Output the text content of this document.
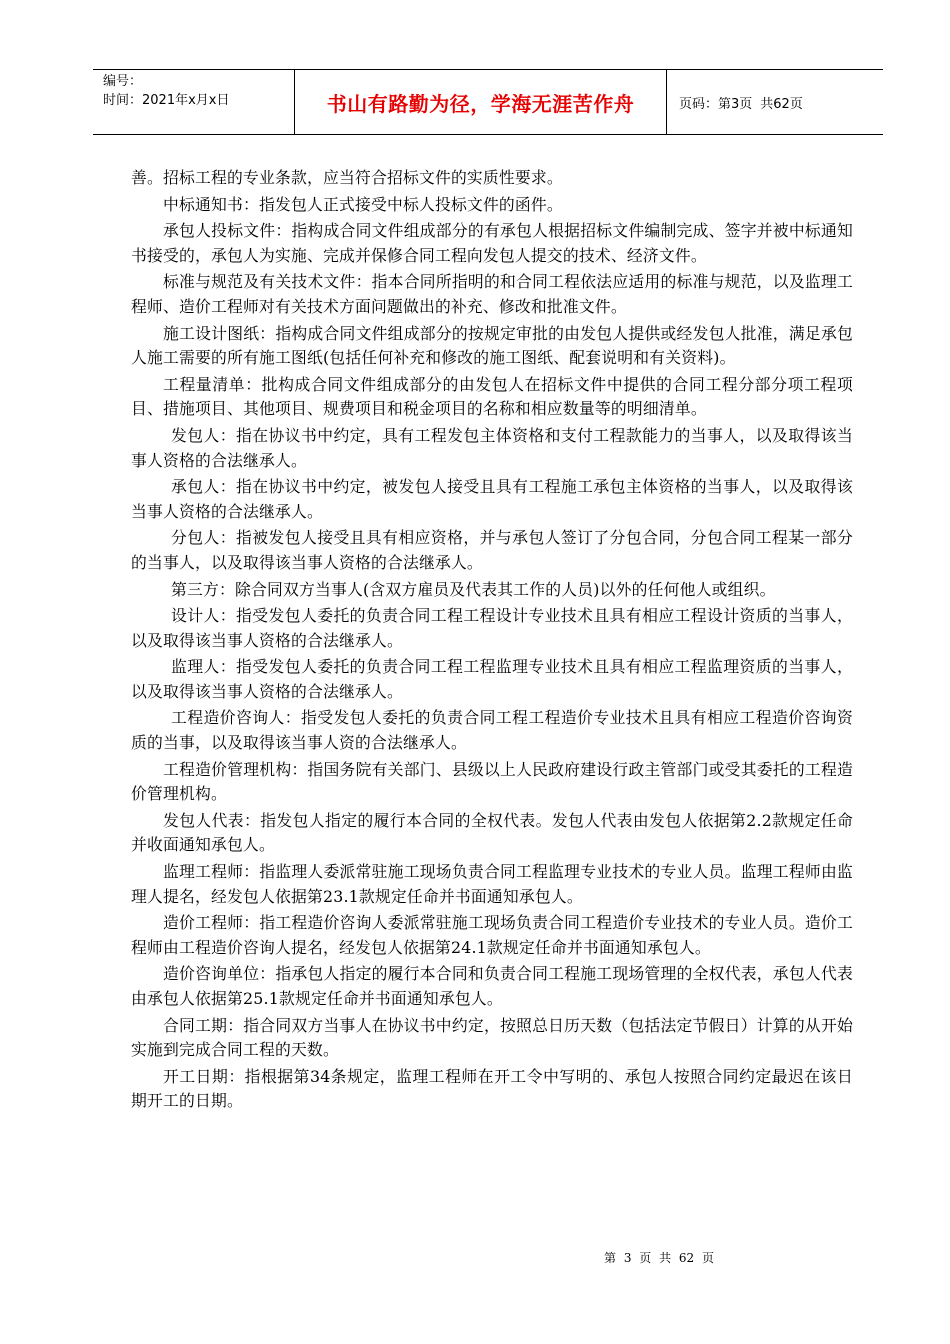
编号：
时间：2021年x月x日	书山有路勤为径，学海无涯苦作舟	页码：第3页 共62页

善。招标工程的专业条款，应当符合招标文件的实质性要求。

中标通知书：指发包人正式接受中标人投标文件的函件。

承包人投标文件：指构成合同文件组成部分的有承包人根据招标文件编制完成、签字并被中标通知书接受的，承包人为实施、完成并保修合同工程向发包人提交的技术、经济文件。

标准与规范及有关技术文件：指本合同所指明的和合同工程依法应适用的标准与规范，以及监理工程师、造价工程师对有关技术方面问题做出的补充、修改和批准文件。

施工设计图纸：指构成合同文件组成部分的按规定审批的由发包人提供或经发包人批准，满足承包人施工需要的所有施工图纸(包括任何补充和修改的施工图纸、配套说明和有关资料)。

工程量清单：批构成合同文件组成部分的由发包人在招标文件中提供的合同工程分部分项工程项目、措施项目、其他项目、规费项目和税金项目的名称和相应数量等的明细清单。

发包人：指在协议书中约定，具有工程发包主体资格和支付工程款能力的当事人，以及取得该当事人资格的合法继承人。

承包人：指在协议书中约定，被发包人接受且具有工程施工承包主体资格的当事人，以及取得该当事人资格的合法继承人。

分包人：指被发包人接受且具有相应资格，并与承包人签订了分包合同，分包合同工程某一部分的当事人，以及取得该当事人资格的合法继承人。

第三方：除合同双方当事人(含双方雇员及代表其工作的人员)以外的任何他人或组织。

设计人：指受发包人委托的负责合同工程工程设计专业技术且具有相应工程设计资质的当事人，以及取得该当事人资格的合法继承人。

监理人：指受发包人委托的负责合同工程工程监理专业技术且具有相应工程监理资质的当事人，以及取得该当事人资格的合法继承人。

工程造价咨询人：指受发包人委托的负责合同工程工程造价专业技术且具有相应工程造价咨询资质的当事，以及取得该当事人资的合法继承人。

工程造价管理机构：指国务院有关部门、县级以上人民政府建设行政主管部门或受其委托的工程造价管理机构。

发包人代表：指发包人指定的履行本合同的全权代表。发包人代表由发包人依据第2.2款规定任命并收面通知承包人。

监理工程师：指监理人委派常驻施工现场负责合同工程监理专业技术的专业人员。监理工程师由监理人提名，经发包人依据第23.1款规定任命并书面通知承包人。

造价工程师：指工程造价咨询人委派常驻施工现场负责合同工程造价专业技术的专业人员。造价工程师由工程造价咨询人提名，经发包人依据第24.1款规定任命并书面通知承包人。

造价咨询单位：指承包人指定的履行本合同和负责合同工程施工现场管理的全权代表，承包人代表由承包人依据第25.1款规定任命并书面通知承包人。

合同工期：指合同双方当事人在协议书中约定，按照总日历天数（包括法定节假日）计算的从开始实施到完成合同工程的天数。

开工日期：指根据第34条规定，监理工程师在开工令中写明的、承包人按照合同约定最迟在该日期开工的日期。

第 3 页 共 62 页
